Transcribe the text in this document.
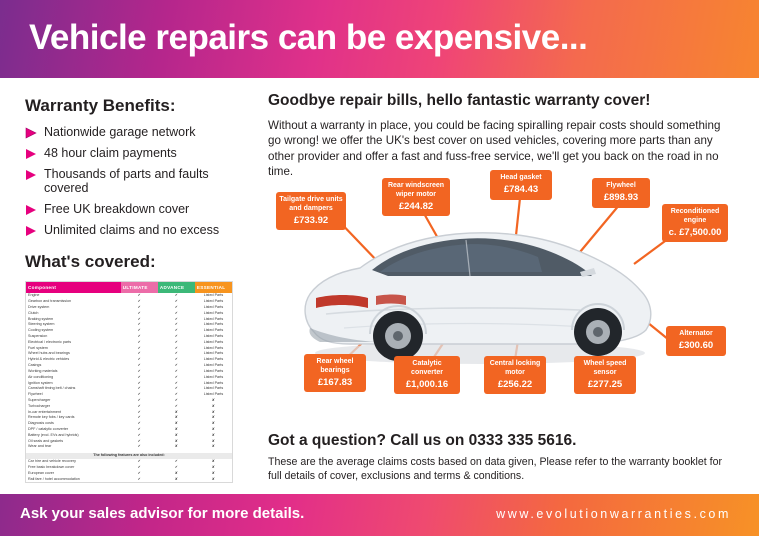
Vehicle repairs can be expensive...
Warranty Benefits:
Nationwide garage network
48 hour claim payments
Thousands of parts and faults covered
Free UK breakdown cover
Unlimited claims and no excess
What's covered:
Component	ULTIMATE	ADVANCE	ESSENTIAL
Engine	✔	✔	Listed Parts
Gearbox and transmission	✔	✔	Listed Parts
Drive system	✔	✔	Listed Parts
Clutch	✔	✔	Listed Parts
Braking system	✔	✔	Listed Parts
Steering system	✔	✔	Listed Parts
Cooling system	✔	✔	Listed Parts
Suspension	✔	✔	Listed Parts
Electrical / electronic parts	✔	✔	Listed Parts
Fuel system	✔	✔	Listed Parts
Wheel hubs and bearings	✔	✔	Listed Parts
Hybrid & electric vehicles	✔	✔	Listed Parts
Casings	✔	✔	Listed Parts
Working materials	✔	✔	Listed Parts
Air conditioning	✔	✔	Listed Parts
Ignition system	✔	✔	Listed Parts
Camshaft timing belt / chains	✔	✔	Listed Parts
Flywheel	✔	✔	Listed Parts
Supercharger	✔	✔	✘
Turbocharger	✔	✔	✘
In-car entertainment	✔	✘	✘
Remote key fobs / key cards	✔	✘	✘
Diagnosis costs	✔	✘	✘
DPF / catalytic converter	✔	✘	✘
Battery (excl. EVs and hybrids)	✔	✘	✘
Oil seals and gaskets	✔	✘	✘
Wear and tear	✔	✘	✘

The following features are also included:			
Car hire and vehicle recovery	✔	✔	✘
Free basic breakdown cover	✔	✔	✘
European cover	✔	✘	✘
Rail fare / hotel accommodation	✔	✘	✘
Goodbye repair bills, hello fantastic warranty cover!
Without a warranty in place, you could be facing spiralling repair costs should something go wrong! we offer the UK's best cover on used vehicles, covering more parts than any other provider and offer a fast and fuss-free service, we'll get you back on the road in no time.
Tailgate drive units and dampers
£733.92
Rear windscreen wiper motor
£244.82
Head gasket
£784.43	Flywheel
£898.93
Reconditioned engine
c. £7,500.00
Alternator
£300.60
Wheel speed sensor
£277.25
Central locking motor
£256.22
Catalytic converter
£1,000.16
Rear wheel bearings
£167.83
Got a question? Call us on 0333 335 5616.
These are the average claims costs based on data given, Please refer to the warranty booklet for full details of cover, exclusions and terms & conditions.
Ask your sales advisor for more details.	www.evolutionwarranties.com
